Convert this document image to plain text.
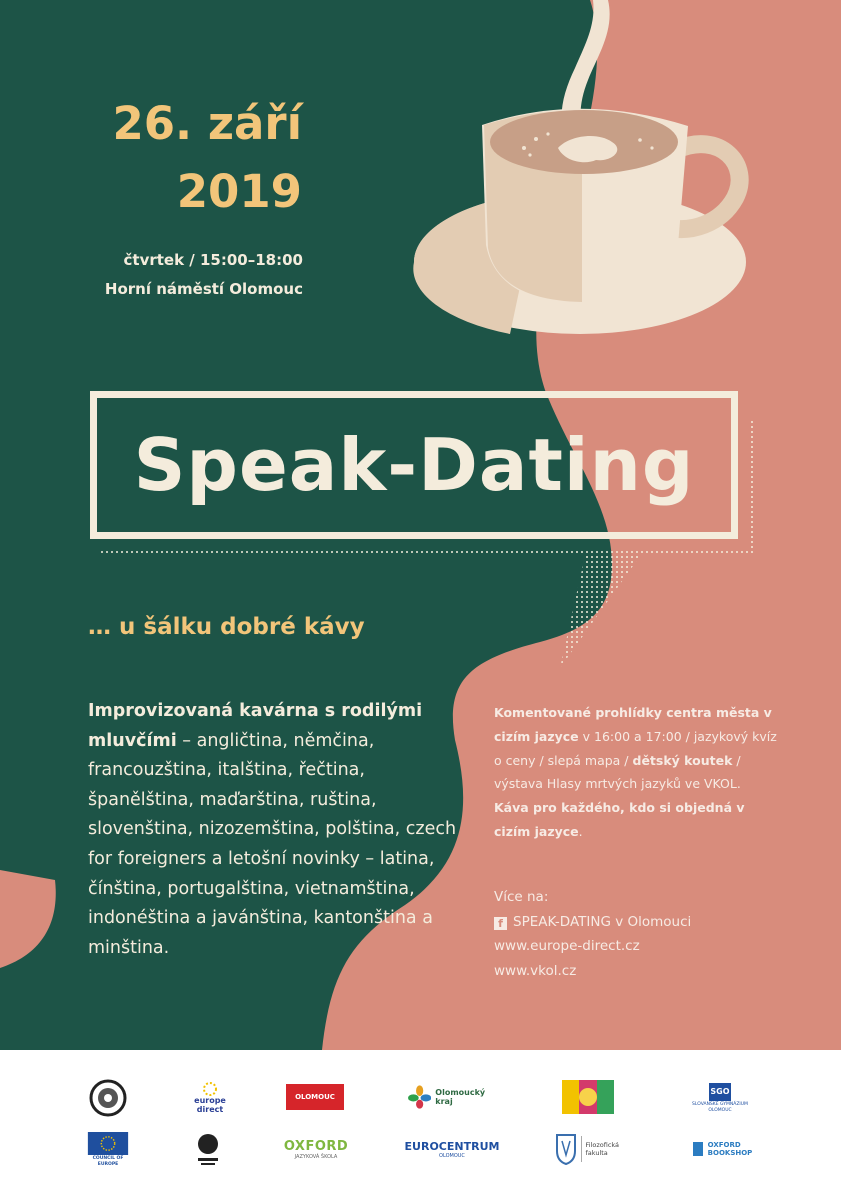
26. září
2019
čtvrtek / 15:00–18:00
Horní náměstí Olomouc
Speak-Dating
… u šálku dobré kávy

Improvizovaná kavárna s rodilými mluvčími – angličtina, němčina, francouzština, italština, řečtina, španělština, maďarština, ruština, slovenština, nizozemština, polština, czech for foreigners a letošní novinky – latina, čínština, portugalština, vietnamština, indonéština a javánština, kantonština a minština.

Komentované prohlídky centra města v cizím jazyce v 16:00 a 17:00 / jazykový kvíz o ceny / slepá mapa / dětský koutek / výstava Hlasy mrtvých jazyků ve VKOL.
Káva pro každého, kdo si objedná v cizím jazyce.

Více na:
f SPEAK-DATING v Olomouci
www.europe-direct.cz
www.vkol.cz
europe direct
OLOMOUC	Olomoucký kraj
SGO
SLOVANSKÉ GYMNÁZIUM OLOMOUC
COUNCIL OF EUROPE
OXFORD
JAZYKOVÁ ŠKOLA
EUROCENTRUM
OLOMOUC
Filozofická fakulta
OXFORD
BOOKSHOP
